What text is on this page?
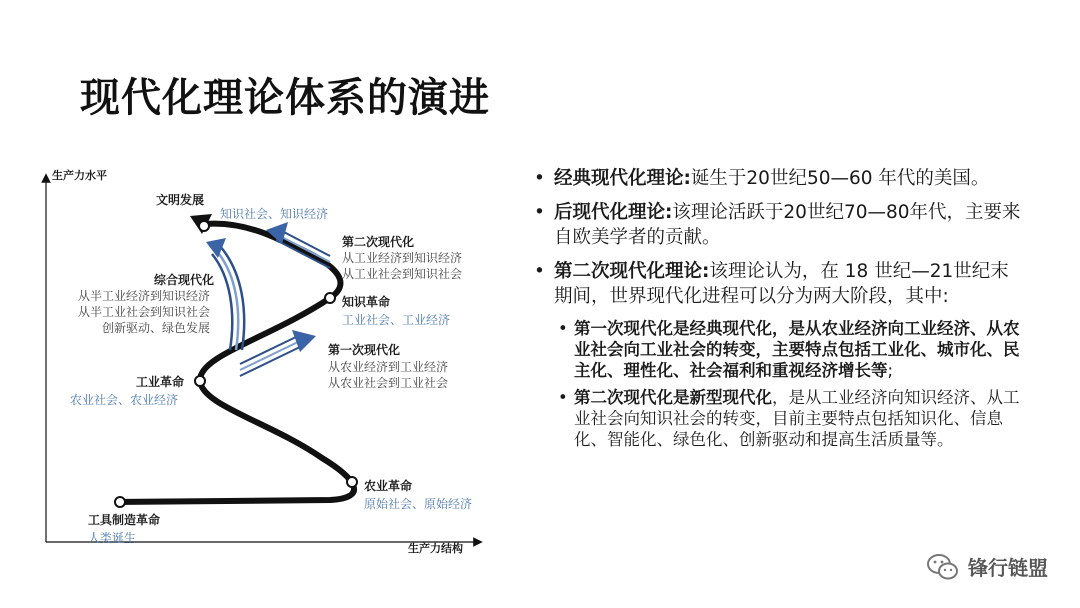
现代化理论体系的演进
生产力水平
生产力结构
工具制造革命
人类诞生
农业革命
原始社会、原始经济
工业革命
农业社会、农业经济
知识革命
工业社会、工业经济
文明发展
知识社会、知识经济
第一次现代化
从农业经济到工业经济
从农业社会到工业社会
第二次现代化
从工业经济到知识经济
从工业社会到知识社会
综合现代化
从半工业经济到知识经济
从半工业社会到知识社会
创新驱动、绿色发展
• 经典现代化理论:诞生于20世纪50—60 年代的美国。
• 后现代化理论:该理论活跃于20世纪70—80年代，主要来自欧美学者的贡献。
• 第二次现代化理论:该理论认为，在 18 世纪—21世纪末期间，世界现代化进程可以分为两大阶段，其中:
• 第一次现代化是经典现代化，是从农业经济向工业经济、从农业社会向工业社会的转变，主要特点包括工业化、城市化、民主化、理性化、社会福利和重视经济增长等;
• 第二次现代化是新型现代化，是从工业经济向知识经济、从工业社会向知识社会的转变，目前主要特点包括知识化、信息化、智能化、绿色化、创新驱动和提高生活质量等。
锋行链盟
